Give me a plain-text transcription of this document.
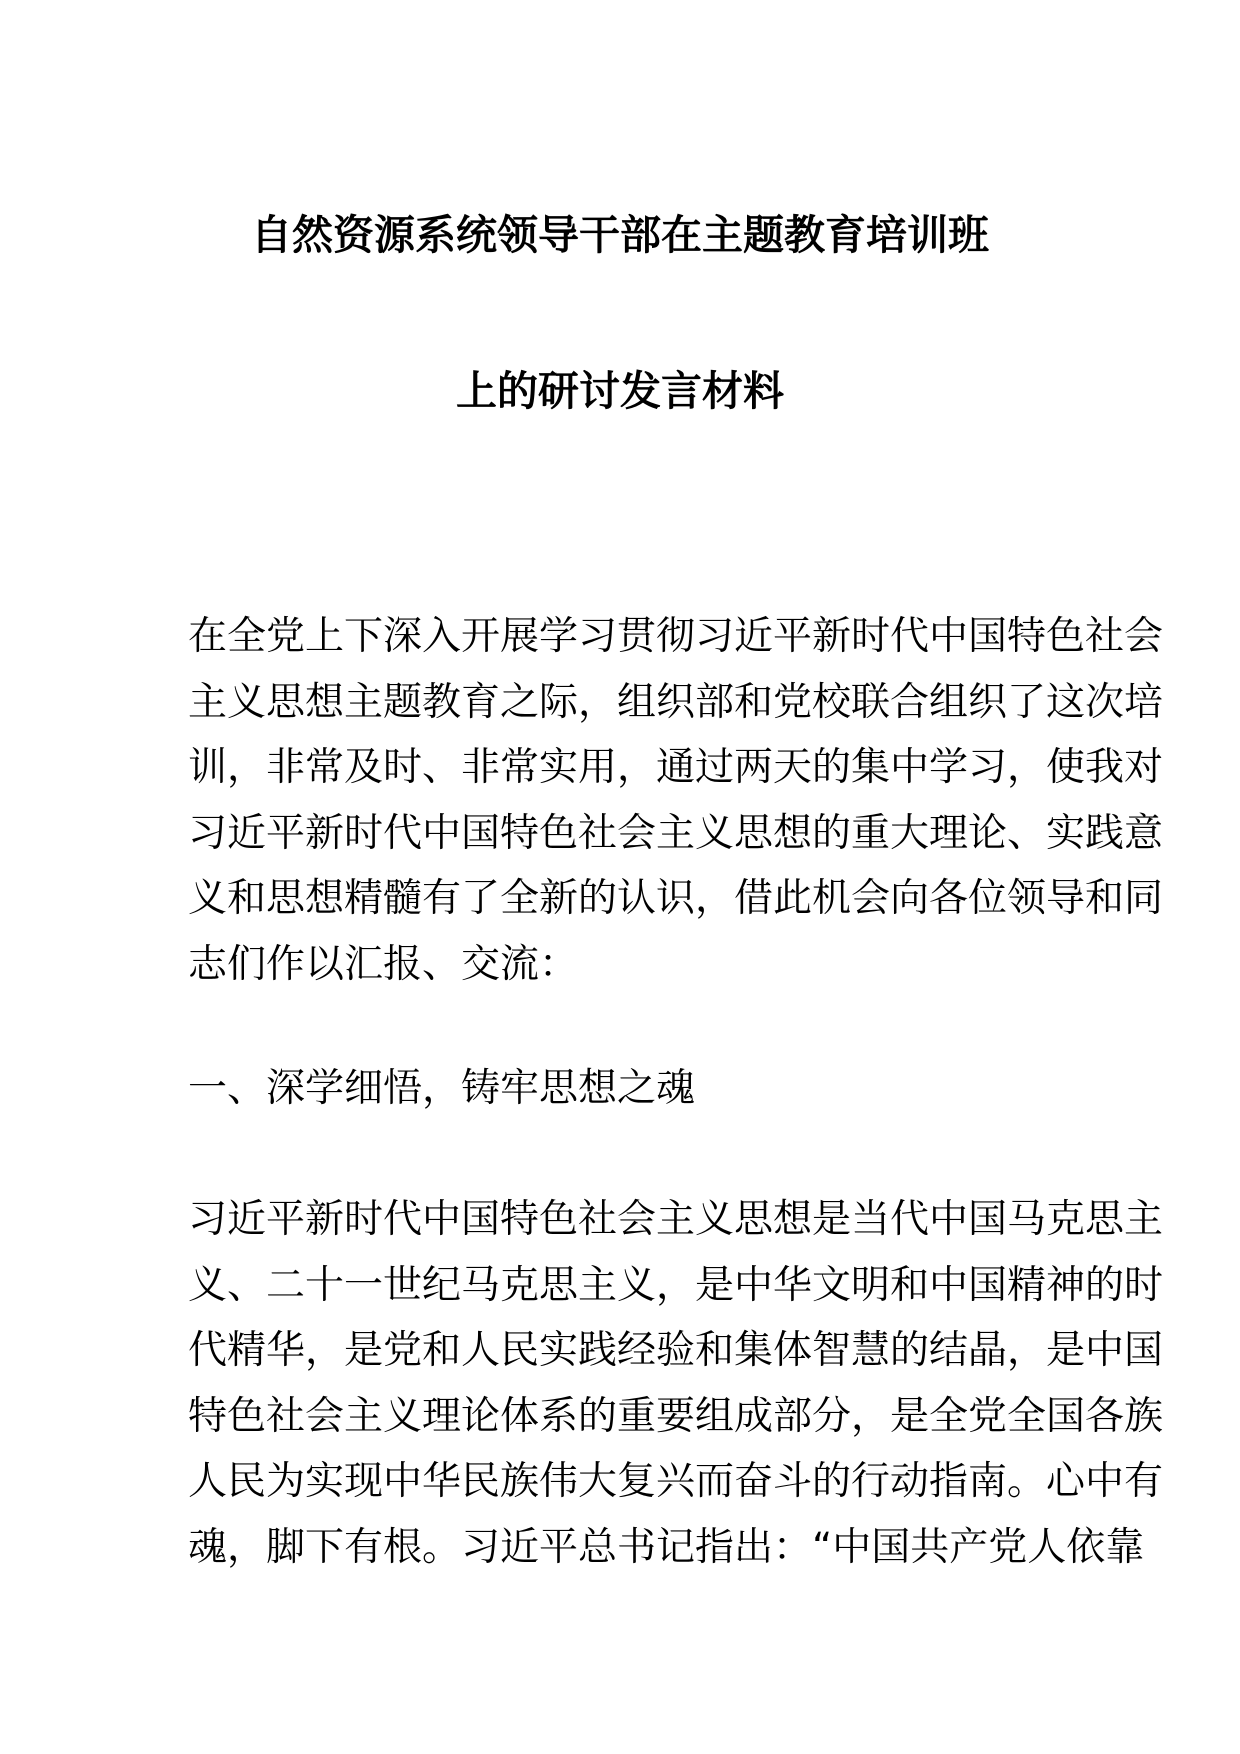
自然资源系统领导干部在主题教育培训班
上的研讨发言材料
在全党上下深入开展学习贯彻习近平新时代中国特色社会
主义思想主题教育之际，组织部和党校联合组织了这次培
训，非常及时、非常实用，通过两天的集中学习，使我对
习近平新时代中国特色社会主义思想的重大理论、实践意
义和思想精髓有了全新的认识，借此机会向各位领导和同
志们作以汇报、交流：
一、深学细悟，铸牢思想之魂
习近平新时代中国特色社会主义思想是当代中国马克思主
义、二十一世纪马克思主义，是中华文明和中国精神的时
代精华，是党和人民实践经验和集体智慧的结晶，是中国
特色社会主义理论体系的重要组成部分，是全党全国各族
人民为实现中华民族伟大复兴而奋斗的行动指南。心中有
魂，脚下有根。习近平总书记指出：“中国共产党人依靠
